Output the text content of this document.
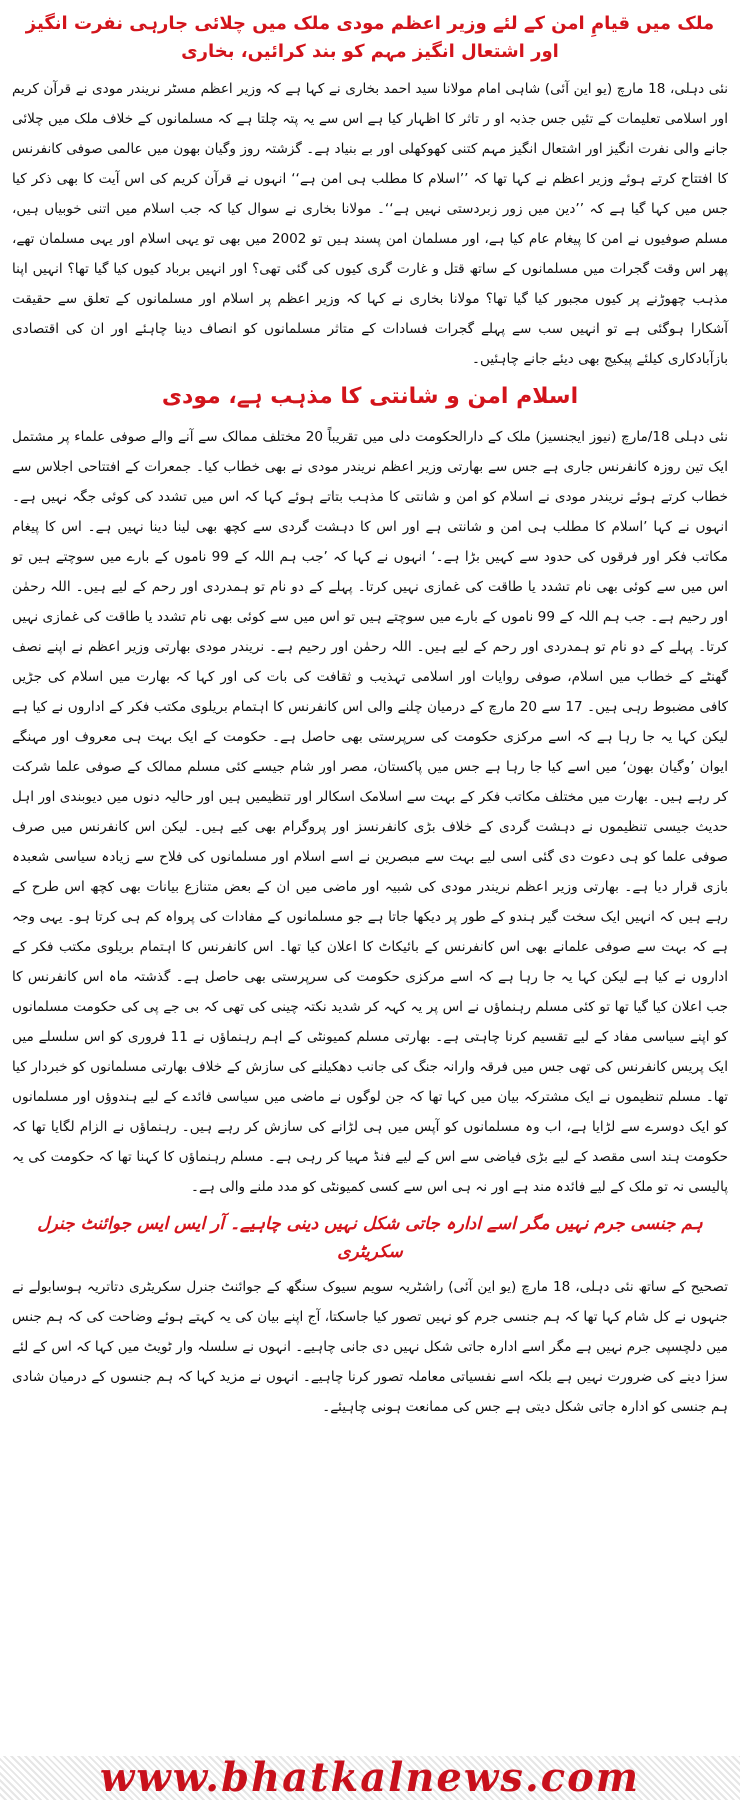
ملک میں قیامِ امن کے لئے وزیر اعظم مودی ملک میں چلائی جارہی نفرت انگیز اور اشتعال انگیز مہم کو بند کرائیں، بخاری

نئی دہلی، 18 مارچ (یو این آئی) شاہی امام مولانا سید احمد بخاری نے کہا ہے کہ وزیر اعظم مسٹر نریندر مودی نے قرآن کریم اور اسلامی تعلیمات کے تئیں جس جذبہ او ر تاثر کا اظہار کیا ہے اس سے یہ پتہ چلتا ہے کہ مسلمانوں کے خلاف ملک میں چلائی جانے والی نفرت انگیز اور اشتعال انگیز مہم کتنی کھوکھلی اور بے بنیاد ہے۔ گزشتہ روز وگیان بھون میں عالمی صوفی کانفرنس کا افتتاح کرتے ہوئے وزیر اعظم نے کہا تھا کہ ’’اسلام کا مطلب ہی امن ہے‘‘ انہوں نے قرآن کریم کی اس آیت کا بھی ذکر کیا جس میں کہا گیا ہے کہ ’’دین میں زور زبردستی نہیں ہے‘‘۔ مولانا بخاری نے سوال کیا کہ جب اسلام میں اتنی خوبیاں ہیں، مسلم صوفیوں نے امن کا پیغام عام کیا ہے، اور مسلمان امن پسند ہیں تو 2002 میں بھی تو یہی اسلام اور یہی مسلمان تھے، پھر اس وقت گجرات میں مسلمانوں کے ساتھ قتل و غارت گری کیوں کی گئی تھی؟ اور انہیں برباد کیوں کیا گیا تھا؟ انہیں اپنا مذہب چھوڑنے پر کیوں مجبور کیا گیا تھا؟ مولانا بخاری نے کہا کہ وزیر اعظم پر اسلام اور مسلمانوں کے تعلق سے حقیقت آشکارا ہوگئی ہے تو انہیں سب سے پہلے گجرات فسادات کے متاثر مسلمانوں کو انصاف دینا چاہئے اور ان کی اقتصادی بازآبادکاری کیلئے پیکیج بھی دیئے جانے چاہئیں۔

اسلام امن و شانتی کا مذہب ہے، مودی

نئی دہلی 18/مارچ (نیوز ایجنسیز) ملک کے دارالحکومت دلی میں تقریباً 20 مختلف ممالک سے آنے والے صوفی علماء پر مشتمل ایک تین روزہ کانفرنس جاری ہے جس سے بھارتی وزیر اعظم نریندر مودی نے بھی خطاب کیا۔ جمعرات کے افتتاحی اجلاس سے خطاب کرتے ہوئے نریندر مودی نے اسلام کو امن و شانتی کا مذہب بتاتے ہوئے کہا کہ اس میں تشدد کی کوئی جگہ نہیں ہے۔ انہوں نے کہا ’اسلام کا مطلب ہی امن و شانتی ہے اور اس کا دہشت گردی سے کچھ بھی لینا دینا نہیں ہے۔ اس کا پیغام مکاتب فکر اور فرقوں کی حدود سے کہیں بڑا ہے۔‘ انہوں نے کہا کہ ’جب ہم اللہ کے 99 ناموں کے بارے میں سوچتے ہیں تو اس میں سے کوئی بھی نام تشدد یا طاقت کی غمازی نہیں کرتا۔ پہلے کے دو نام تو ہمدردی اور رحم کے لیے ہیں۔ اللہ رحمٰن اور رحیم ہے۔ جب ہم اللہ کے 99 ناموں کے بارے میں سوچتے ہیں تو اس میں سے کوئی بھی نام تشدد یا طاقت کی غمازی نہیں کرتا۔ پہلے کے دو نام تو ہمدردی اور رحم کے لیے ہیں۔ اللہ رحمٰن اور رحیم ہے۔ نریندر مودی بھارتی وزیر اعظم نے اپنے نصف گھنٹے کے خطاب میں اسلام، صوفی روایات اور اسلامی تہذیب و ثقافت کی بات کی اور کہا کہ بھارت میں اسلام کی جڑیں کافی مضبوط رہی ہیں۔ 17 سے 20 مارچ کے درمیان چلنے والی اس کانفرنس کا اہتمام بریلوی مکتب فکر کے اداروں نے کیا ہے لیکن کہا یہ جا رہا ہے کہ اسے مرکزی حکومت کی سرپرستی بھی حاصل ہے۔ حکومت کے ایک بہت ہی معروف اور مہنگے ایوان ’وگیان بھون‘ میں اسے کیا جا رہا ہے جس میں پاکستان، مصر اور شام جیسے کئی مسلم ممالک کے صوفی علما شرکت کر رہے ہیں۔ بھارت میں مختلف مکاتب فکر کے بہت سے اسلامک اسکالر اور تنظیمیں ہیں اور حالیہ دنوں میں دیوبندی اور اہل حدیث جیسی تنظیموں نے دہشت گردی کے خلاف بڑی کانفرنسز اور پروگرام بھی کیے ہیں۔ لیکن اس کانفرنس میں صرف صوفی علما کو ہی دعوت دی گئی اسی لیے بہت سے مبصرین نے اسے اسلام اور مسلمانوں کی فلاح سے زیادہ سیاسی شعبدہ بازی قرار دیا ہے۔ بھارتی وزیر اعظم نریندر مودی کی شبیہ اور ماضی میں ان کے بعض متنازع بیانات بھی کچھ اس طرح کے رہے ہیں کہ انہیں ایک سخت گیر ہندو کے طور پر دیکھا جاتا ہے جو مسلمانوں کے مفادات کی پرواہ کم ہی کرتا ہو۔ یہی وجہ ہے کہ بہت سے صوفی علمانے بھی اس کانفرنس کے بائیکاٹ کا اعلان کیا تھا۔ اس کانفرنس کا اہتمام بریلوی مکتب فکر کے اداروں نے کیا ہے لیکن کہا یہ جا رہا ہے کہ اسے مرکزی حکومت کی سرپرستی بھی حاصل ہے۔ گذشتہ ماہ اس کانفرنس کا جب اعلان کیا گیا تھا تو کئی مسلم رہنماؤں نے اس پر یہ کہہ کر شدید نکتہ چینی کی تھی کہ بی جے پی کی حکومت مسلمانوں کو اپنے سیاسی مفاد کے لیے تقسیم کرنا چاہتی ہے۔ بھارتی مسلم کمیونٹی کے اہم رہنماؤں نے 11 فروری کو اس سلسلے میں ایک پریس کانفرنس کی تھی جس میں فرقہ وارانہ جنگ کی جانب دھکیلنے کی سازش کے خلاف بھارتی مسلمانوں کو خبردار کیا تھا۔ مسلم تنظیموں نے ایک مشترکہ بیان میں کہا تھا کہ جن لوگوں نے ماضی میں سیاسی فائدے کے لیے ہندوؤں اور مسلمانوں کو ایک دوسرے سے لڑایا ہے، اب وہ مسلمانوں کو آپس میں ہی لڑانے کی سازش کر رہے ہیں۔ رہنماؤں نے الزام لگایا تھا کہ حکومت ہند اسی مقصد کے لیے بڑی فیاضی سے اس کے لیے فنڈ مہیا کر رہی ہے۔ مسلم رہنماؤں کا کہنا تھا کہ حکومت کی یہ پالیسی نہ تو ملک کے لیے فائدہ مند ہے اور نہ ہی اس سے کسی کمیونٹی کو مدد ملنے والی ہے۔

ہم جنسی جرم نہیں مگر اسے ادارہ جاتی شکل نہیں دینی چاہیے۔ آر ایس ایس جوائنٹ جنرل سکریٹری

تصحیح کے ساتھ نئی دہلی، 18 مارچ (یو این آئی) راشٹریہ سویم سیوک سنگھ کے جوائنٹ جنرل سکریٹری دتاتریہ ہوسابولے نے جنہوں نے کل شام کہا تھا کہ ہم جنسی جرم کو نہیں تصور کیا جاسکتا، آج اپنے بیان کی یہ کہتے ہوئے وضاحت کی کہ ہم جنس میں دلچسپی جرم نہیں ہے مگر اسے ادارہ جاتی شکل نہیں دی جانی چاہیے۔ انہوں نے سلسلہ وار ٹویٹ میں کہا کہ اس کے لئے سزا دینے کی ضرورت نہیں ہے بلکہ اسے نفسیاتی معاملہ تصور کرنا چاہیے۔ انہوں نے مزید کہا کہ ہم جنسوں کے درمیان شادی ہم جنسی کو ادارہ جاتی شکل دیتی ہے جس کی ممانعت ہونی چاہیئے۔

www.bhatkalnews.com
